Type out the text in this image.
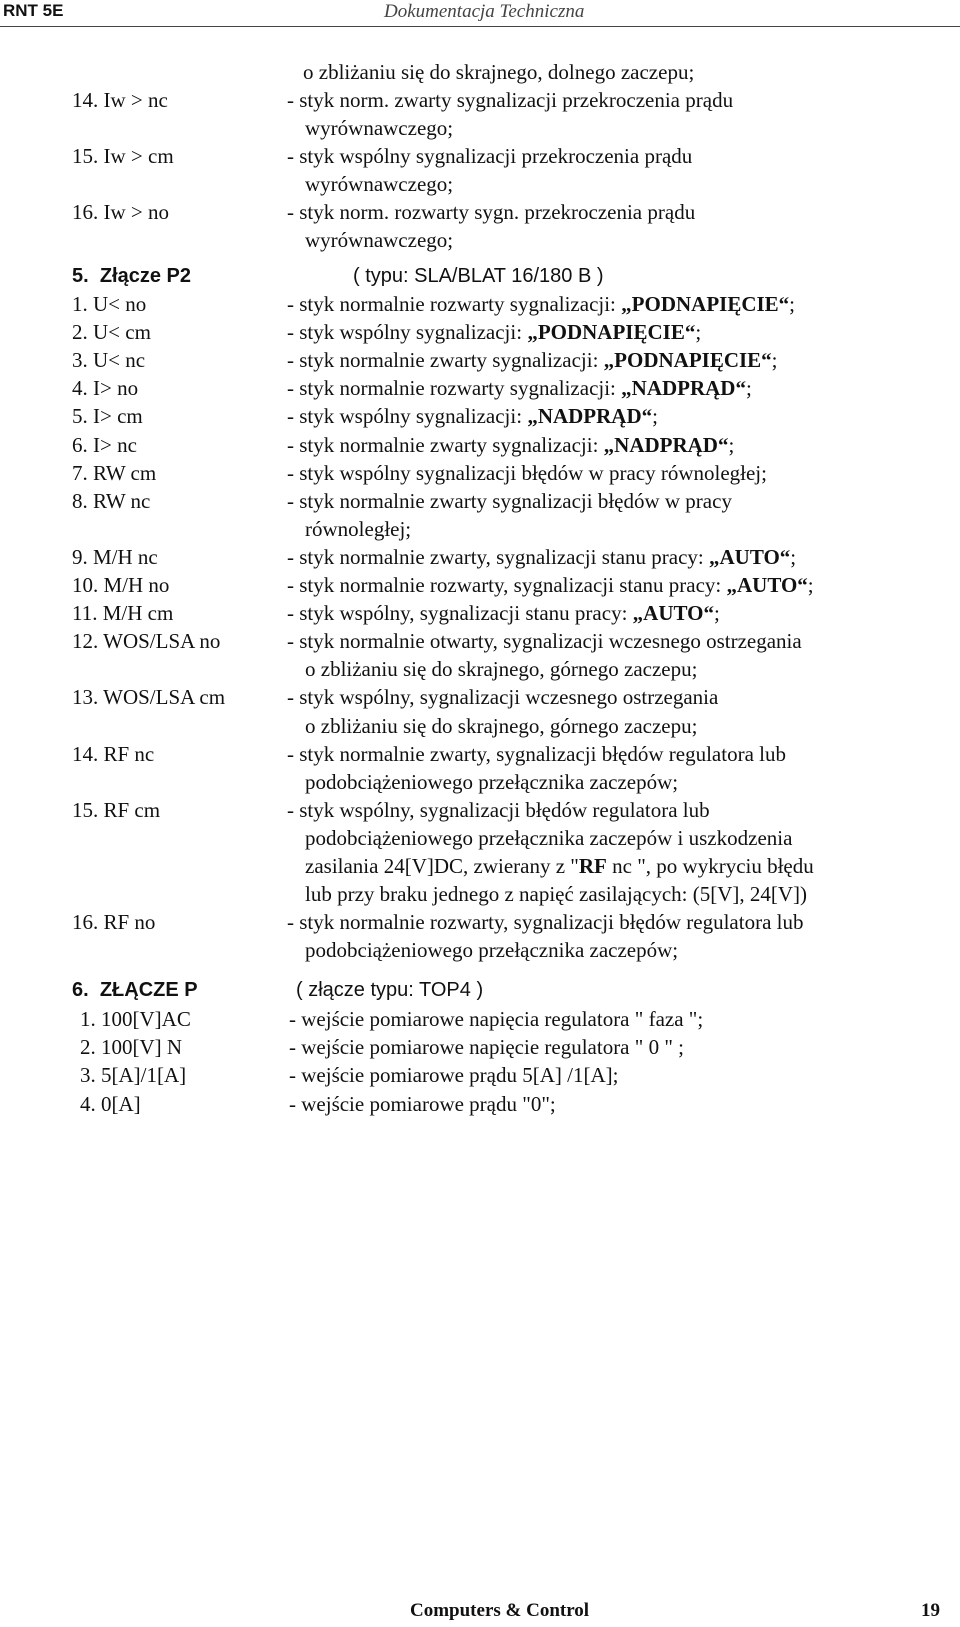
RNT 5E	Dokumentacja Techniczna
o zbliżaniu się do skrajnego, dolnego zaczepu;
14. Iw > nc	- styk norm. zwarty sygnalizacji przekroczenia prądu
wyrównawczego;
15. Iw > cm	- styk wspólny sygnalizacji przekroczenia prądu
wyrównawczego;
16. Iw > no	- styk norm. rozwarty sygn. przekroczenia prądu
wyrównawczego;
5. Złącze P2	( typu: SLA/BLAT 16/180 B )
1. U< no	- styk normalnie rozwarty sygnalizacji: „PODNAPIĘCIE“;
2. U< cm	- styk wspólny sygnalizacji: „PODNAPIĘCIE“;
3. U< nc	- styk normalnie zwarty sygnalizacji: „PODNAPIĘCIE“;
4. I> no	- styk normalnie rozwarty sygnalizacji: „NADPRĄD“;
5. I> cm	- styk wspólny sygnalizacji: „NADPRĄD“;
6. I> nc	- styk normalnie zwarty sygnalizacji: „NADPRĄD“;
7. RW cm	- styk wspólny sygnalizacji błędów w pracy równoległej;
8. RW nc	- styk normalnie zwarty sygnalizacji błędów w pracy
równoległej;
9. M/H nc	- styk normalnie zwarty, sygnalizacji stanu pracy: „AUTO“;
10. M/H no	- styk normalnie rozwarty, sygnalizacji stanu pracy: „AUTO“;
11. M/H cm	- styk wspólny, sygnalizacji stanu pracy: „AUTO“;
12. WOS/LSA no	- styk normalnie otwarty, sygnalizacji wczesnego ostrzegania
o zbliżaniu się do skrajnego, górnego zaczepu;
13. WOS/LSA cm	- styk wspólny, sygnalizacji wczesnego ostrzegania
o zbliżaniu się do skrajnego, górnego zaczepu;
14. RF nc	- styk normalnie zwarty, sygnalizacji błędów regulatora lub
podobciążeniowego przełącznika zaczepów;
15. RF cm	- styk wspólny, sygnalizacji błędów regulatora lub
podobciążeniowego przełącznika zaczepów i uszkodzenia
zasilania 24[V]DC, zwierany z "RF nc ", po wykryciu błędu
lub przy braku jednego z napięć zasilających: (5[V], 24[V])
16. RF no	- styk normalnie rozwarty, sygnalizacji błędów regulatora lub
podobciążeniowego przełącznika zaczepów;
6. ZŁĄCZE P	( złącze typu: TOP4 )
1. 100[V]AC	- wejście pomiarowe napięcia regulatora " faza ";
2. 100[V] N	- wejście pomiarowe napięcie regulatora " 0 " ;
3. 5[A]/1[A]	- wejście pomiarowe prądu 5[A] /1[A];
4. 0[A]	- wejście pomiarowe prądu "0";
Computers & Control	19
